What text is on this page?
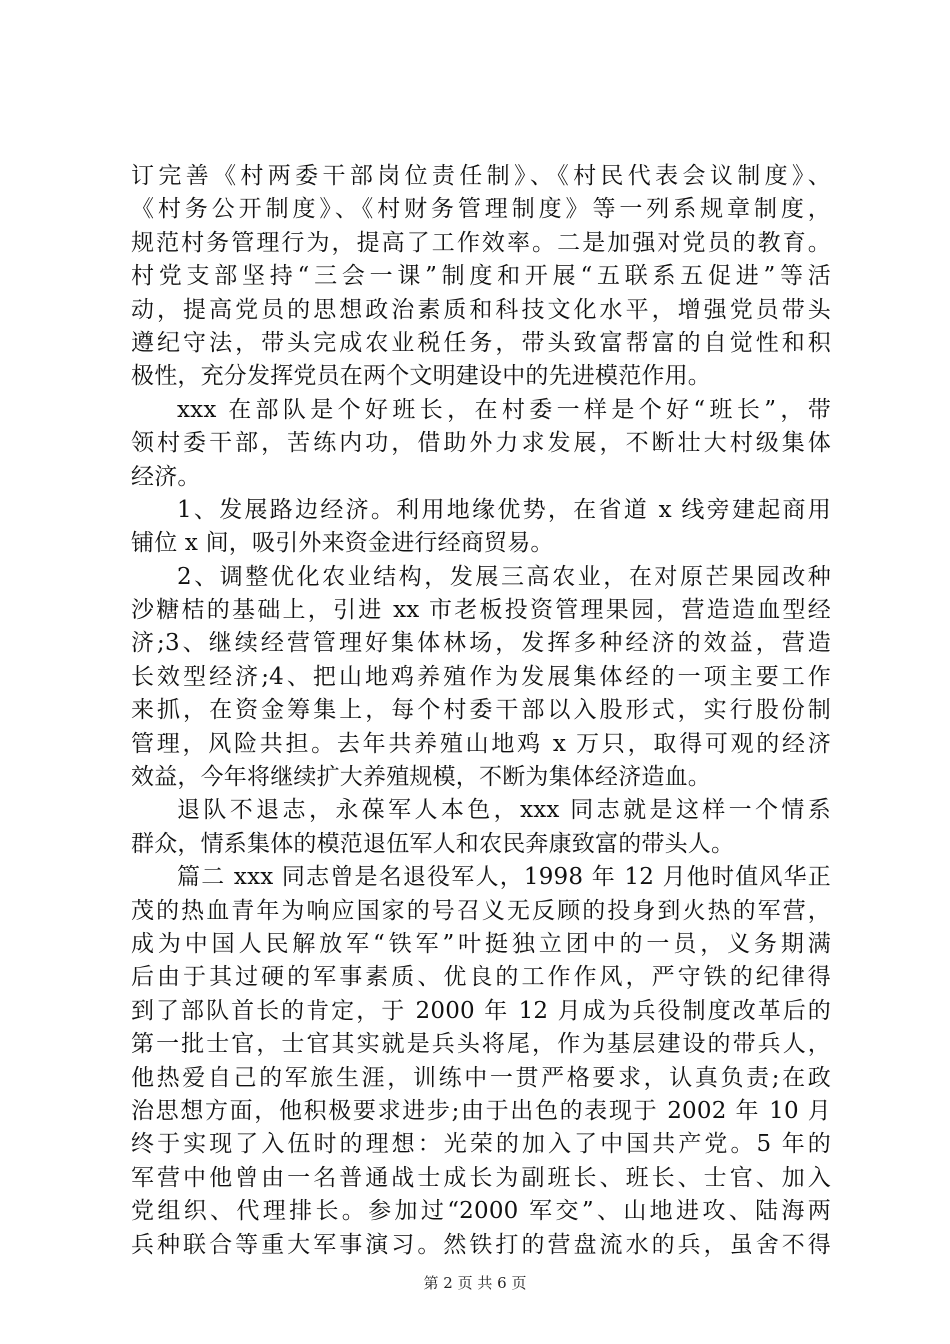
订完善《村两委干部岗位责任制》、《村民代表会议制度》、
《村务公开制度》、《村财务管理制度》等一列系规章制度，
规范村务管理行为，提高了工作效率。二是加强对党员的教育。
村党支部坚持“三会一课”制度和开展“五联系五促进”等活
动，提高党员的思想政治素质和科技文化水平，增强党员带头
遵纪守法，带头完成农业税任务，带头致富帮富的自觉性和积
极性，充分发挥党员在两个文明建设中的先进模范作用。
xxx 在部队是个好班长，在村委一样是个好“班长”，带
领村委干部，苦练内功，借助外力求发展，不断壮大村级集体
经济。
1、发展路边经济。利用地缘优势，在省道 x 线旁建起商用
铺位 x 间，吸引外来资金进行经商贸易。
2、调整优化农业结构，发展三高农业，在对原芒果园改种
沙糖桔的基础上，引进 xx 市老板投资管理果园，营造造血型经
济;3、继续经营管理好集体林场，发挥多种经济的效益，营造
长效型经济;4、把山地鸡养殖作为发展集体经的一项主要工作
来抓，在资金筹集上，每个村委干部以入股形式，实行股份制
管理，风险共担。去年共养殖山地鸡 x 万只，取得可观的经济
效益，今年将继续扩大养殖规模，不断为集体经济造血。
退队不退志，永葆军人本色，xxx 同志就是这样一个情系
群众，情系集体的模范退伍军人和农民奔康致富的带头人。
篇二 xxx 同志曾是名退役军人，1998 年 12 月他时值风华正
茂的热血青年为响应国家的号召义无反顾的投身到火热的军营，
成为中国人民解放军“铁军”叶挺独立团中的一员，义务期满
后由于其过硬的军事素质、优良的工作作风，严守铁的纪律得
到了部队首长的肯定，于 2000 年 12 月成为兵役制度改革后的
第一批士官，士官其实就是兵头将尾，作为基层建设的带兵人，
他热爱自己的军旅生涯，训练中一贯严格要求，认真负责;在政
治思想方面，他积极要求进步;由于出色的表现于 2002 年 10 月
终于实现了入伍时的理想：光荣的加入了中国共产党。5 年的
军营中他曾由一名普通战士成长为副班长、班长、士官、加入
党组织、代理排长。参加过“2000 军交”、山地进攻、陆海两
兵种联合等重大军事演习。然铁打的营盘流水的兵，虽舍不得
第 2 页 共 6 页
